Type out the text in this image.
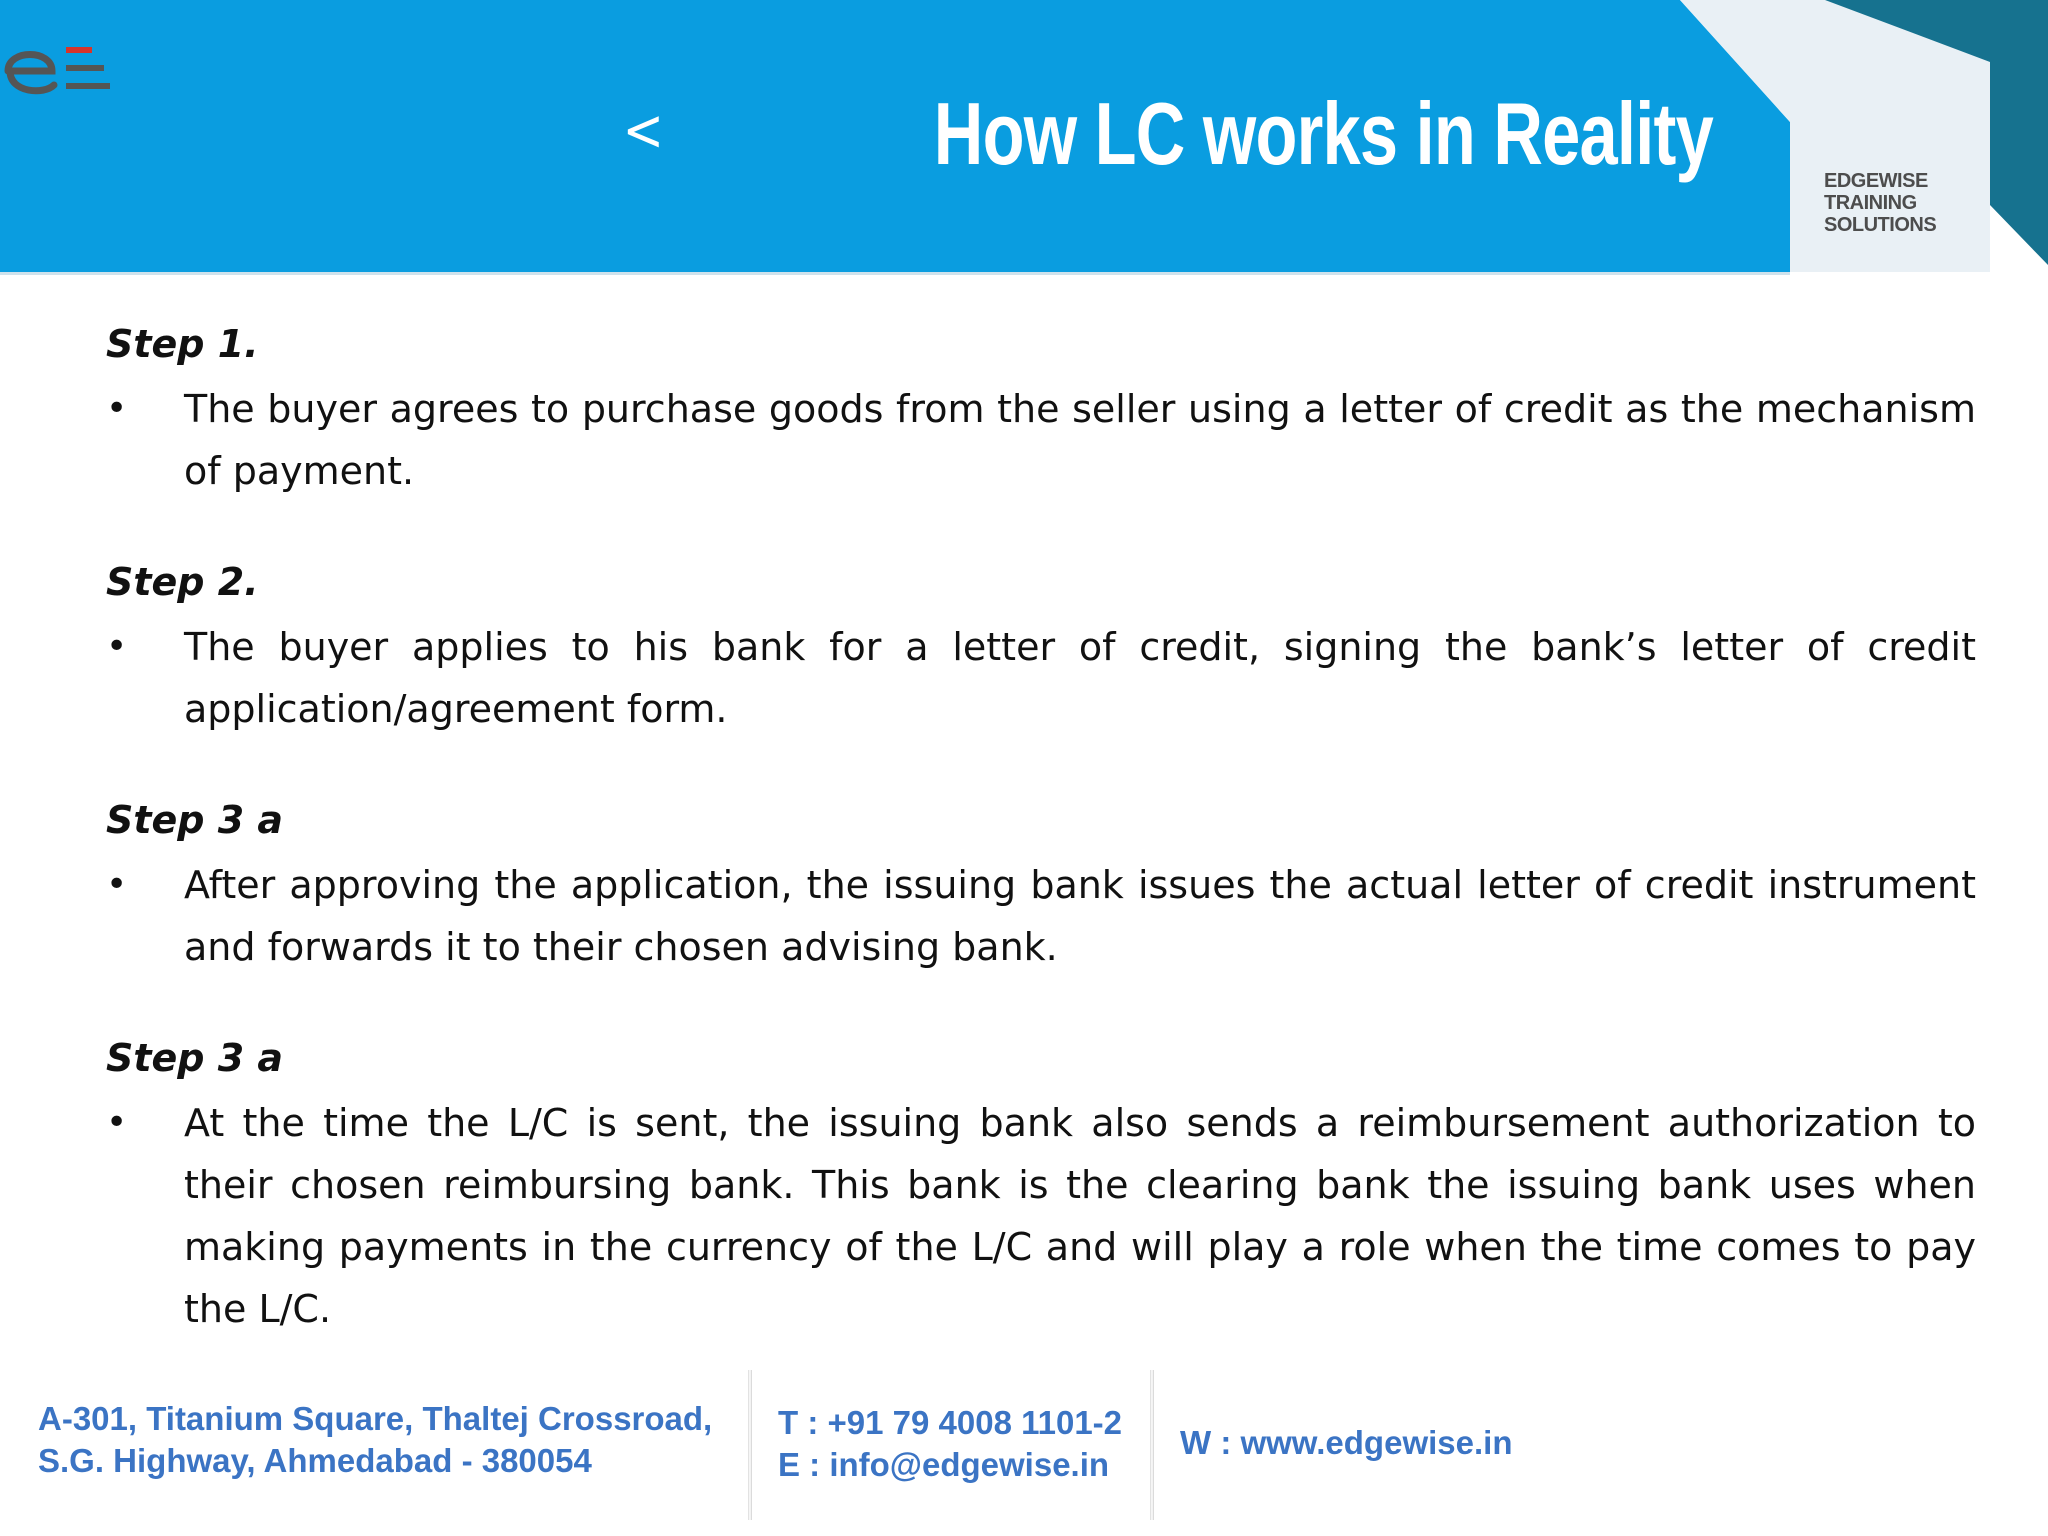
<	How LC works in Reality	EDGEWISE
TRAINING
SOLUTIONS
Step 1.
•	The buyer agrees to purchase goods from the seller using a letter of credit as the mechanism of payment.
Step 2.
•	The buyer applies to his bank for a letter of credit, signing the bank’s letter of credit application/agreement form.
Step 3 a
•	After approving the application, the issuing bank issues the actual letter of credit instrument and forwards it to their chosen advising bank.
Step 3 a
•	At the time the L/C is sent, the issuing bank also sends a reimbursement authorization to their chosen reimbursing bank. This bank is the clearing bank the issuing bank uses when making payments in the currency of the L/C and will play a role when the time comes to pay the L/C.
A-301, Titanium Square, Thaltej Crossroad,
S.G. Highway, Ahmedabad - 380054
T : +91 79 4008 1101-2
E : info@edgewise.in
W : www.edgewise.in
